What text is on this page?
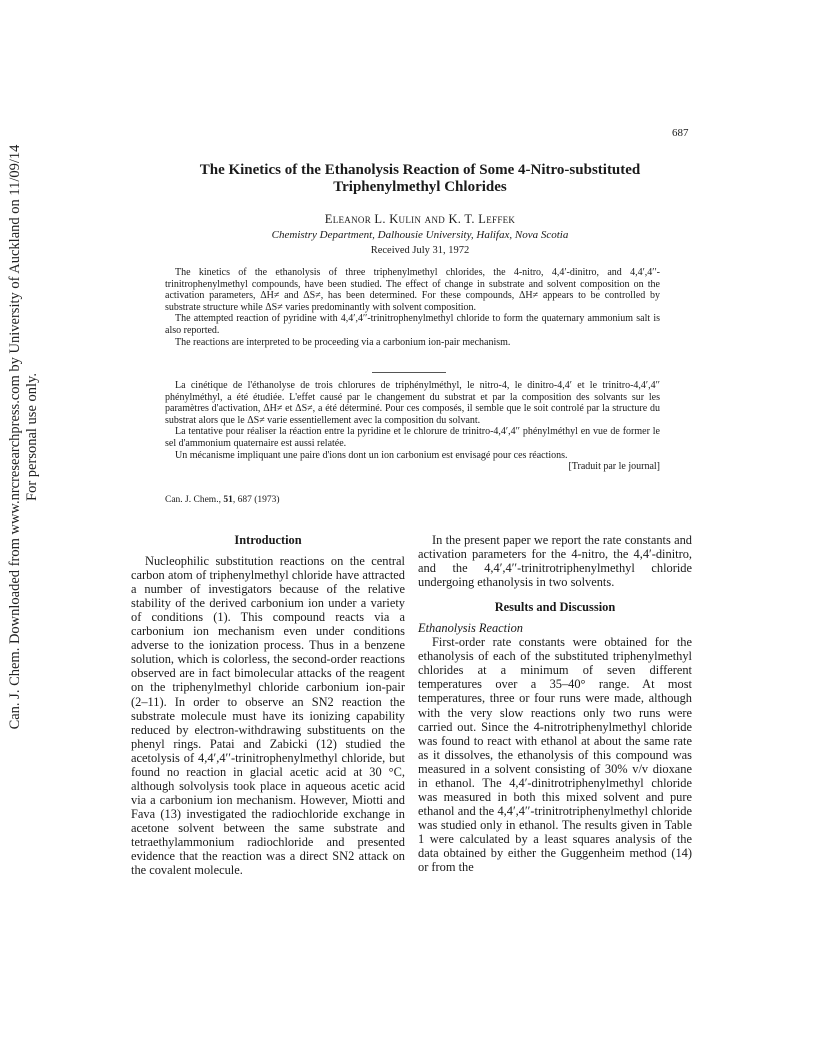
Can. J. Chem. Downloaded from www.nrcresearchpress.com by University of Auckland on 11/09/14 For personal use only.
687
The Kinetics of the Ethanolysis Reaction of Some 4-Nitro-substituted Triphenylmethyl Chlorides
Eleanor L. Kulin and K. T. Leffek
Chemistry Department, Dalhousie University, Halifax, Nova Scotia
Received July 31, 1972

The kinetics of the ethanolysis of three triphenylmethyl chlorides, the 4-nitro, 4,4′-dinitro, and 4,4′,4′′-trinitrophenylmethyl compounds, have been studied. The effect of change in substrate and solvent composition on the activation parameters, ΔH≠ and ΔS≠, has been determined. For these compounds, ΔH≠ appears to be controlled by substrate structure while ΔS≠ varies predominantly with solvent composition.

The attempted reaction of pyridine with 4,4′,4′′-trinitrophenylmethyl chloride to form the quaternary ammonium salt is also reported.

The reactions are interpreted to be proceeding via a carbonium ion-pair mechanism.

La cinétique de l'éthanolyse de trois chlorures de triphénylméthyl, le nitro-4, le dinitro-4,4′ et le trinitro-4,4′,4′′ phénylméthyl, a été étudiée. L'effet causé par le changement du substrat et par la composition des solvants sur les paramètres d'activation, ΔH≠ et ΔS≠, a été déterminé. Pour ces composés, il semble que le soit controlé par la structure du substrat alors que le ΔS≠ varie essentiellement avec la composition du solvant.

La tentative pour réaliser la réaction entre la pyridine et le chlorure de trinitro-4,4′,4′′ phénylméthyl en vue de former le sel d'ammonium quaternaire est aussi relatée.

Un mécanisme impliquant une paire d'ions dont un ion carbonium est envisagé pour ces réactions.

[Traduit par le journal]

Can. J. Chem., 51, 687 (1973)
Introduction

Nucleophilic substitution reactions on the central carbon atom of triphenylmethyl chloride have attracted a number of investigators because of the relative stability of the derived carbonium ion under a variety of conditions (1). This compound reacts via a carbonium ion mechanism even under conditions adverse to the ionization process. Thus in a benzene solution, which is colorless, the second-order reactions observed are in fact bimolecular attacks of the reagent on the triphenylmethyl chloride carbonium ion-pair (2–11). In order to observe an SN2 reaction the substrate molecule must have its ionizing capability reduced by electron-withdrawing substituents on the phenyl rings. Patai and Zabicki (12) studied the acetolysis of 4,4′,4′′-trinitrophenylmethyl chloride, but found no reaction in glacial acetic acid at 30 °C, although solvolysis took place in aqueous acetic acid via a carbonium ion mechanism. However, Miotti and Fava (13) investigated the radiochloride exchange in acetone solvent between the same substrate and tetraethylammonium radiochloride and presented evidence that the reaction was a direct SN2 attack on the covalent molecule.

In the present paper we report the rate constants and activation parameters for the 4-nitro, the 4,4′-dinitro, and the 4,4′,4′′-trinitrotriphenylmethyl chloride undergoing ethanolysis in two solvents.

Results and Discussion
Ethanolysis Reaction

First-order rate constants were obtained for the ethanolysis of each of the substituted triphenylmethyl chlorides at a minimum of seven different temperatures over a 35–40° range. At most temperatures, three or four runs were made, although with the very slow reactions only two runs were carried out. Since the 4-nitrotriphenylmethyl chloride was found to react with ethanol at about the same rate as it dissolves, the ethanolysis of this compound was measured in a solvent consisting of 30% v/v dioxane in ethanol. The 4,4′-dinitrotriphenylmethyl chloride was measured in both this mixed solvent and pure ethanol and the 4,4′,4′′-trinitrotriphenylmethyl chloride was studied only in ethanol. The results given in Table 1 were calculated by a least squares analysis of the data obtained by either the Guggenheim method (14) or from the
